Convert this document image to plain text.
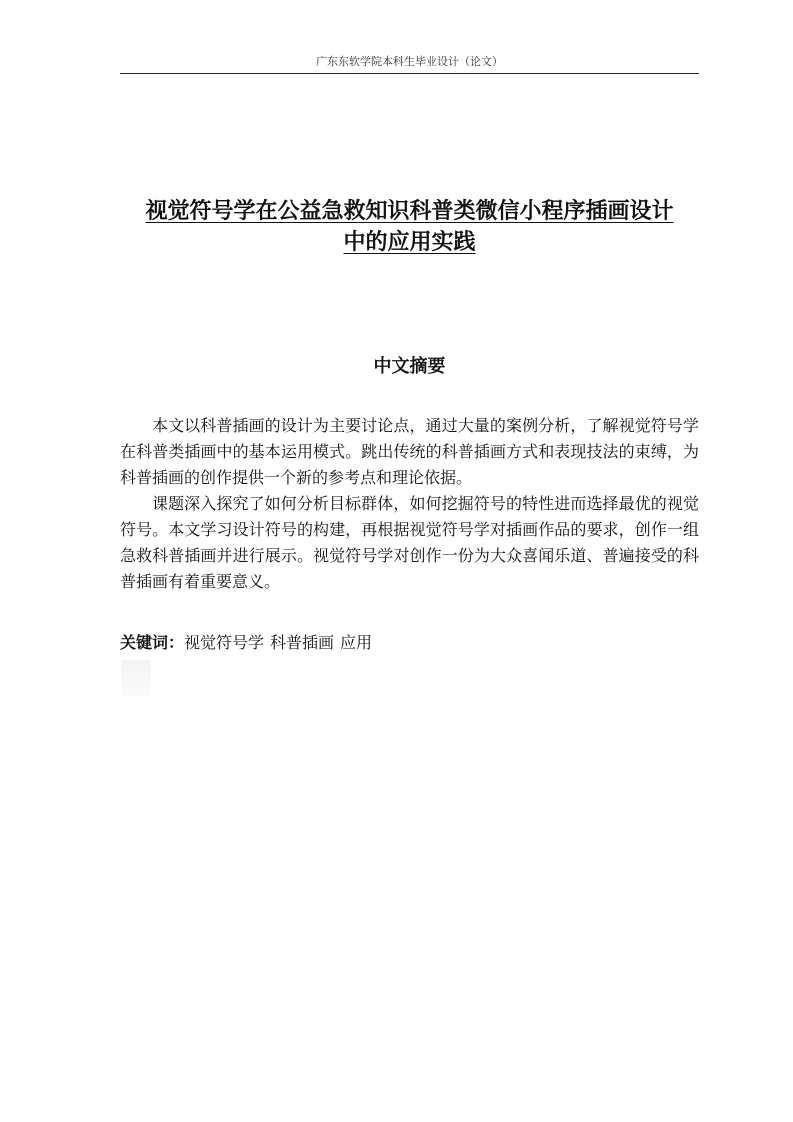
广东东软学院本科生毕业设计（论文）
视觉符号学在公益急救知识科普类微信小程序插画设计
中的应用实践
中文摘要

本文以科普插画的设计为主要讨论点，通过大量的案例分析，了解视觉符号学在科普类插画中的基本运用模式。跳出传统的科普插画方式和表现技法的束缚，为科普插画的创作提供一个新的参考点和理论依据。

课题深入探究了如何分析目标群体，如何挖掘符号的特性进而选择最优的视觉符号。本文学习设计符号的构建，再根据视觉符号学对插画作品的要求，创作一组急救科普插画并进行展示。视觉符号学对创作一份为大众喜闻乐道、普遍接受的科普插画有着重要意义。

关键词：视觉符号学 科普插画 应用
